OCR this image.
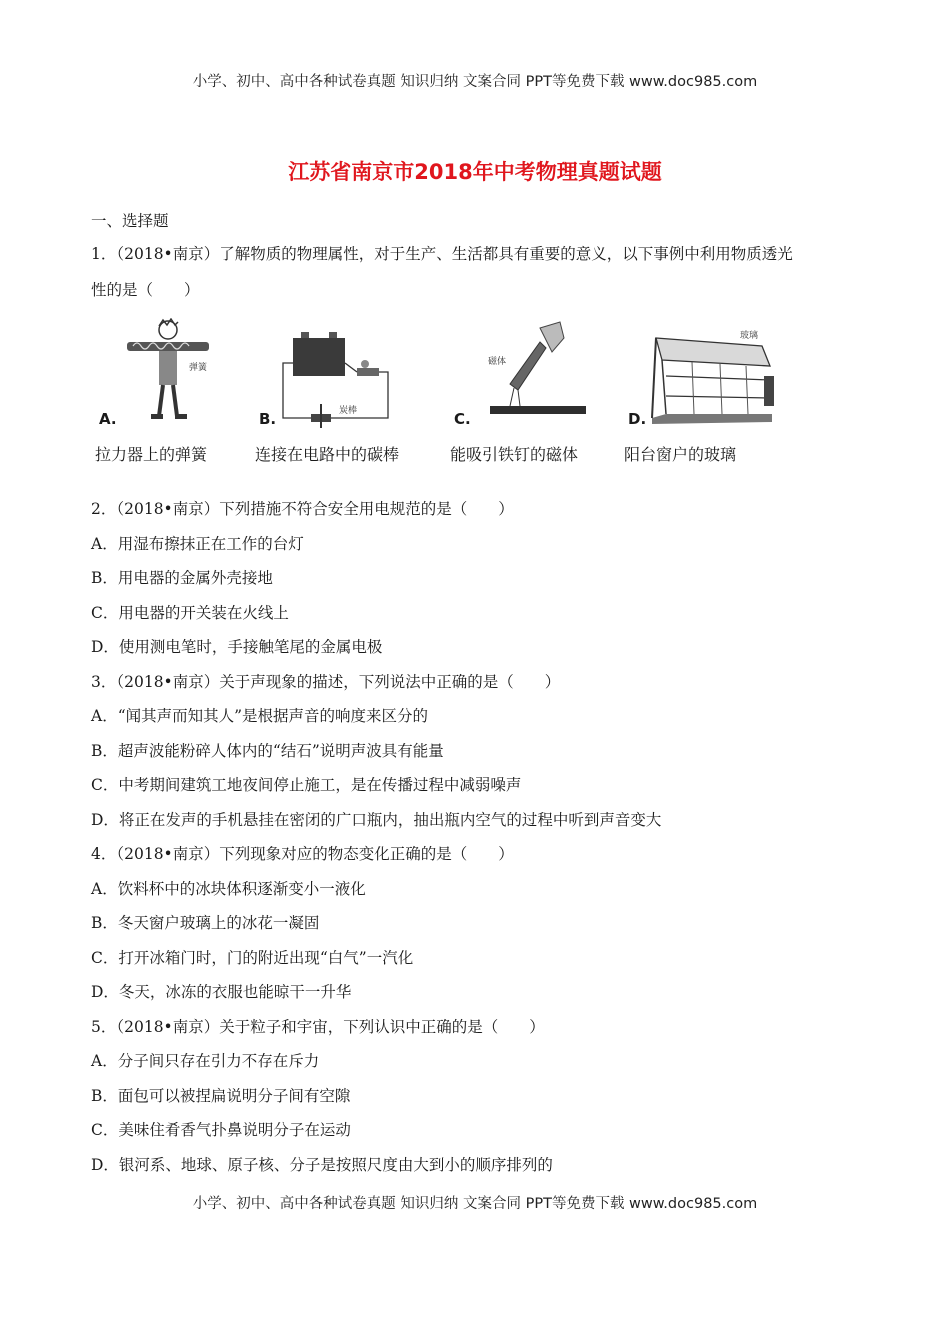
小学、初中、高中各种试卷真题 知识归纳 文案合同 PPT等免费下载 www.doc985.com
江苏省南京市2018年中考物理真题试题
一、选择题
1．（2018•南京）了解物质的物理属性，对于生产、生活都具有重要的意义，以下事例中利用物质透光
性的是（　　）
弹簧
A.
拉力器上的弹簧
炭棒
B.
连接在电路中的碳棒
磁体
C.
能吸引铁钉的磁体
玻璃
D.
阳台窗户的玻璃
2．（2018•南京）下列措施不符合安全用电规范的是（　　）
A．用湿布擦抹正在工作的台灯
B．用电器的金属外壳接地
C．用电器的开关装在火线上
D．使用测电笔时，手接触笔尾的金属电极
3．（2018•南京）关于声现象的描述，下列说法中正确的是（　　）
A．“闻其声而知其人”是根据声音的响度来区分的
B．超声波能粉碎人体内的“结石”说明声波具有能量
C．中考期间建筑工地夜间停止施工，是在传播过程中减弱噪声
D．将正在发声的手机悬挂在密闭的广口瓶内，抽出瓶内空气的过程中听到声音变大
4．（2018•南京）下列现象对应的物态变化正确的是（　　）
A．饮料杯中的冰块体积逐渐变小一液化
B．冬天窗户玻璃上的冰花一凝固
C．打开冰箱门时，门的附近出现“白气”一汽化
D．冬天，冰冻的衣服也能晾干一升华
5．（2018•南京）关于粒子和宇宙，下列认识中正确的是（　　）
A．分子间只存在引力不存在斥力
B．面包可以被捏扁说明分子间有空隙
C．美味住肴香气扑鼻说明分子在运动
D．银河系、地球、原子核、分子是按照尺度由大到小的顺序排列的
小学、初中、高中各种试卷真题 知识归纳 文案合同 PPT等免费下载 www.doc985.com
